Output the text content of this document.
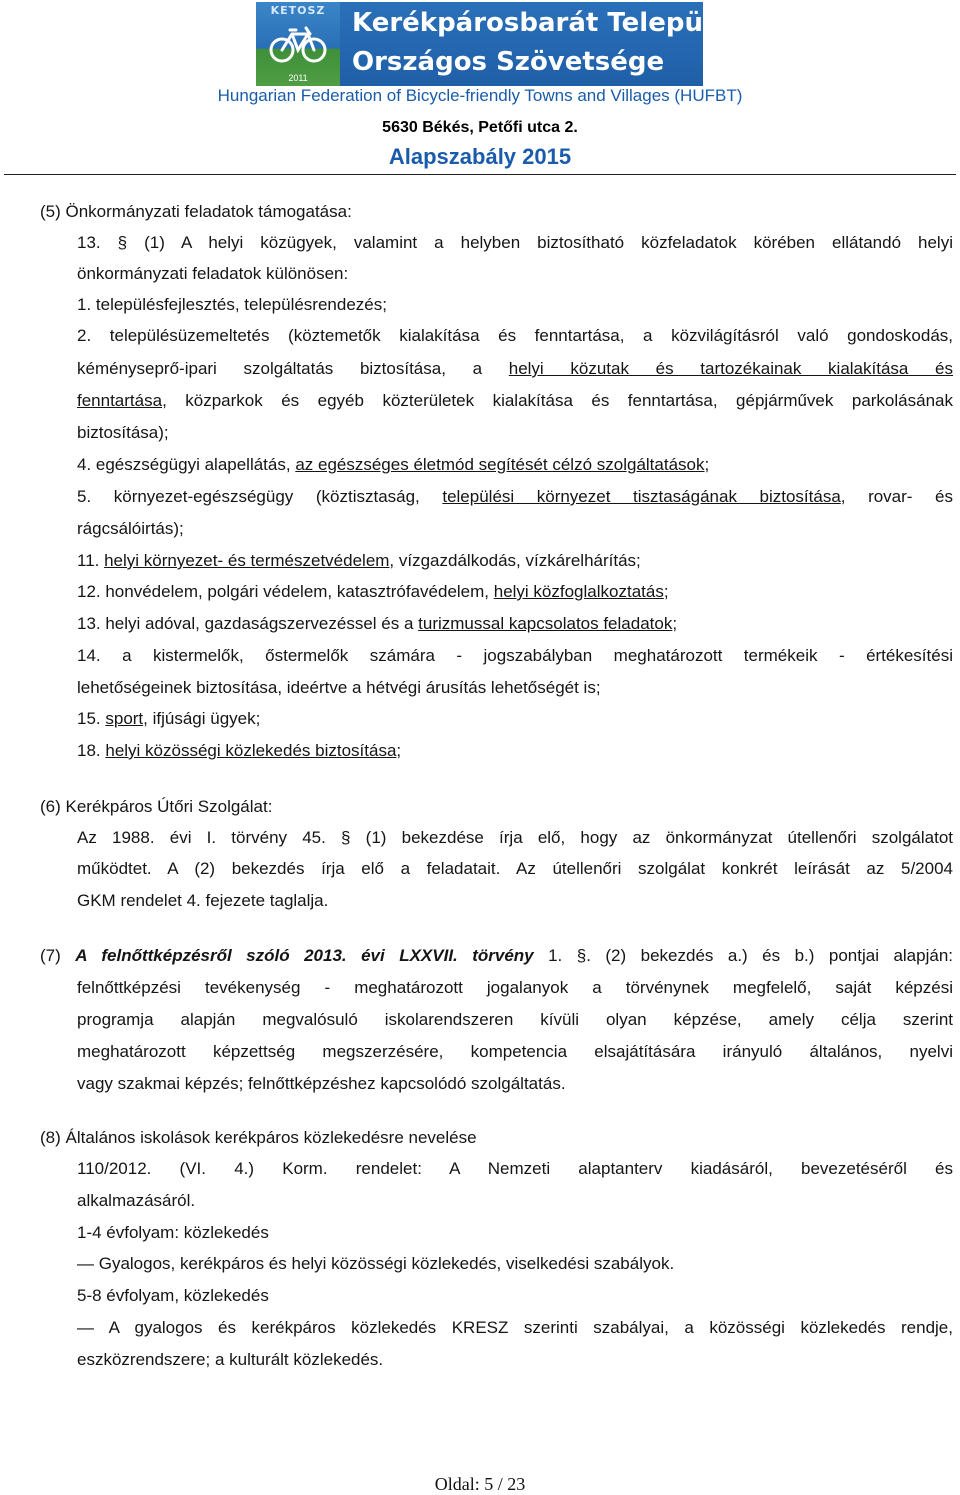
KETOSZ
2011
Kerékpárosbarát Települések
Országos Szövetsége
Hungarian Federation of Bicycle-friendly Towns and Villages (HUFBT)
5630 Békés, Petőfi utca 2.
Alapszabály 2015
(5) Önkormányzati feladatok támogatása:
13. § (1) A helyi közügyek, valamint a helyben biztosítható közfeladatok körében ellátandó helyi
önkormányzati feladatok különösen:
1. településfejlesztés, településrendezés;
2. településüzemeltetés (köztemetők kialakítása és fenntartása, a közvilágításról való gondoskodás,
kéményseprő-ipari szolgáltatás biztosítása, a helyi közutak és tartozékainak kialakítása és
fenntartása, közparkok és egyéb közterületek kialakítása és fenntartása, gépjárművek parkolásának
biztosítása);
4. egészségügyi alapellátás, az egészséges életmód segítését célzó szolgáltatások;
5. környezet-egészségügy (köztisztaság, települési környezet tisztaságának biztosítása, rovar- és
rágcsálóirtás);
11. helyi környezet- és természetvédelem, vízgazdálkodás, vízkárelhárítás;
12. honvédelem, polgári védelem, katasztrófavédelem, helyi közfoglalkoztatás;
13. helyi adóval, gazdaságszervezéssel és a turizmussal kapcsolatos feladatok;
14. a kistermelők, őstermelők számára - jogszabályban meghatározott termékeik - értékesítési
lehetőségeinek biztosítása, ideértve a hétvégi árusítás lehetőségét is;
15. sport, ifjúsági ügyek;
18. helyi közösségi közlekedés biztosítása;
(6) Kerékpáros Útőri Szolgálat:
Az 1988. évi I. törvény 45. § (1) bekezdése írja elő, hogy az önkormányzat útellenőri szolgálatot
működtet. A (2) bekezdés írja elő a feladatait. Az útellenőri szolgálat konkrét leírását az 5/2004
GKM rendelet 4. fejezete taglalja.
(7) A felnőttképzésről szóló 2013. évi LXXVII. törvény 1. §. (2) bekezdés a.) és b.) pontjai alapján:
felnőttképzési tevékenység - meghatározott jogalanyok a törvénynek megfelelő, saját képzési
programja alapján megvalósuló iskolarendszeren kívüli olyan képzése, amely célja szerint
meghatározott képzettség megszerzésére, kompetencia elsajátítására irányuló általános, nyelvi
vagy szakmai képzés; felnőttképzéshez kapcsolódó szolgáltatás.
(8) Általános iskolások kerékpáros közlekedésre nevelése
110/2012. (VI. 4.) Korm. rendelet: A Nemzeti alaptanterv kiadásáról, bevezetéséről és
alkalmazásáról.
1-4 évfolyam: közlekedés
— Gyalogos, kerékpáros és helyi közösségi közlekedés, viselkedési szabályok.
5-8 évfolyam, közlekedés
— A gyalogos és kerékpáros közlekedés KRESZ szerinti szabályai, a közösségi közlekedés rendje,
eszközrendszere; a kulturált közlekedés.
Oldal: 5 / 23
